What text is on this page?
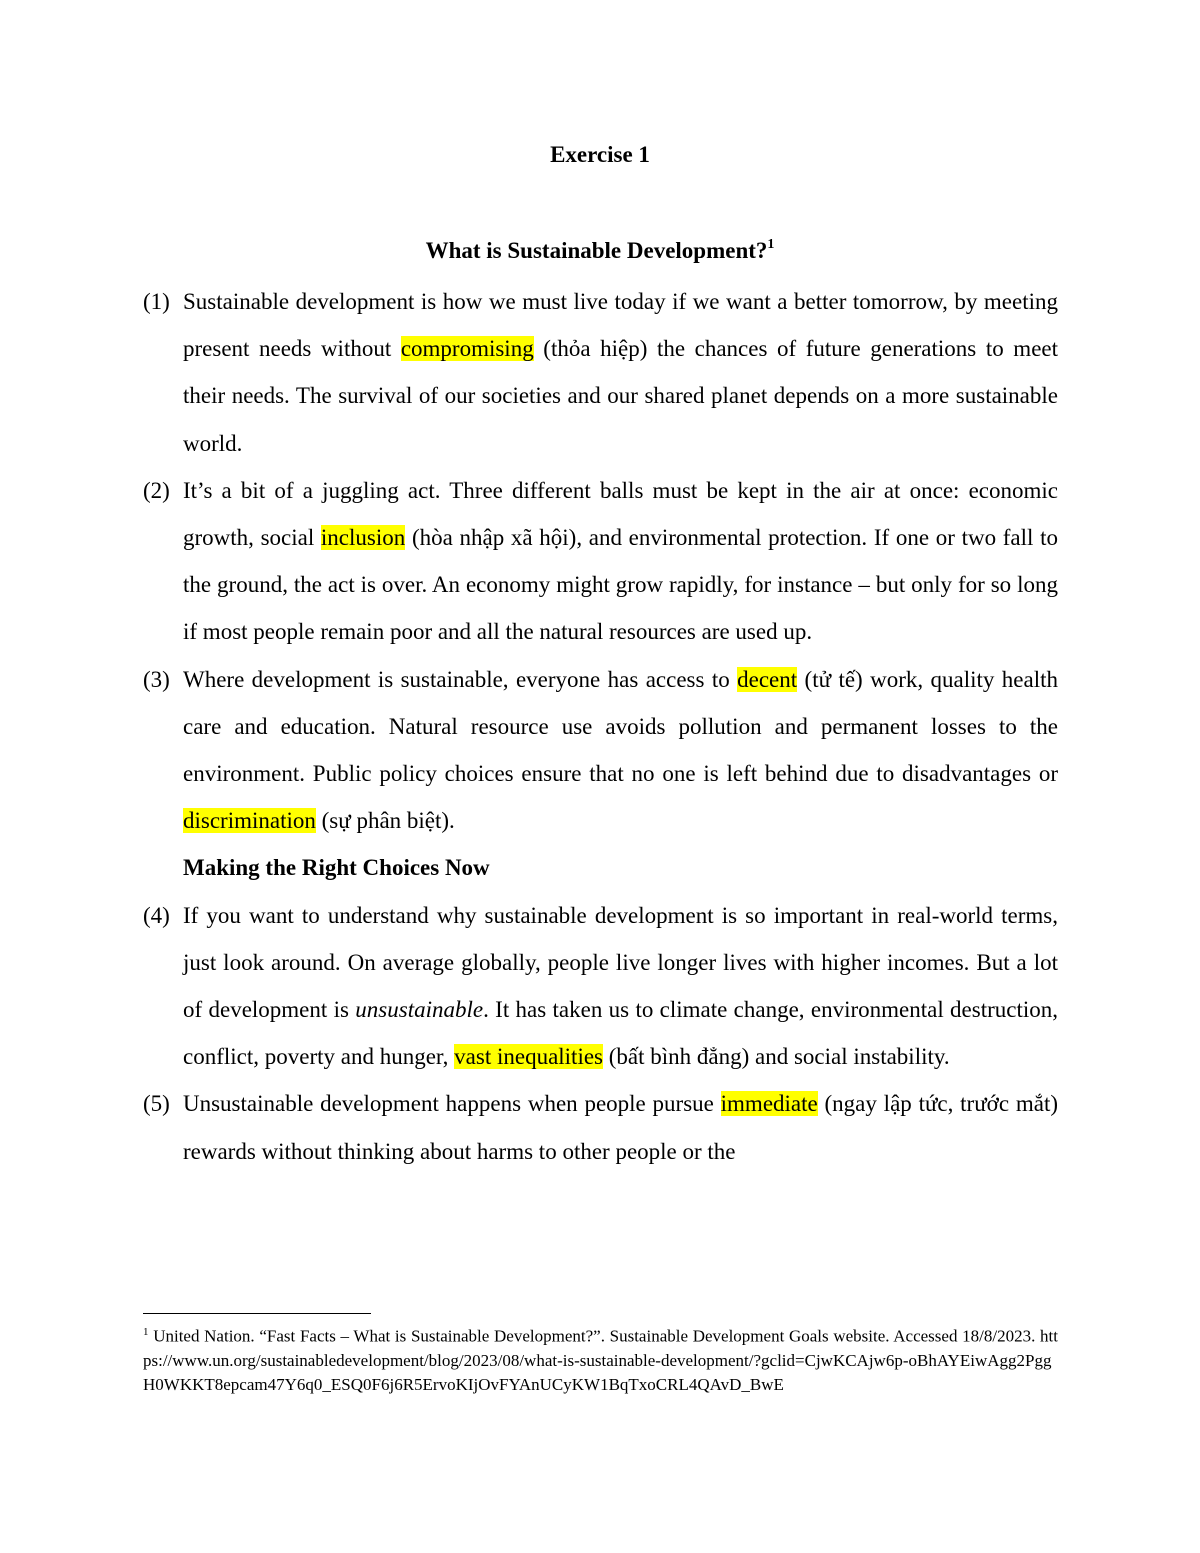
Exercise 1
What is Sustainable Development?$^1$
(1) Sustainable development is how we must live today if we want a better tomorrow, by meeting present needs without compromising (thỏa hiệp) the chances of future generations to meet their needs. The survival of our societies and our shared planet depends on a more sustainable world.
(2) It’s a bit of a juggling act. Three different balls must be kept in the air at once: economic growth, social inclusion (hòa nhập xã hội), and environmental protection. If one or two fall to the ground, the act is over. An economy might grow rapidly, for instance – but only for so long if most people remain poor and all the natural resources are used up.
(3) Where development is sustainable, everyone has access to decent (tử tế) work, quality health care and education. Natural resource use avoids pollution and permanent losses to the environment. Public policy choices ensure that no one is left behind due to disadvantages or discrimination (sự phân biệt).
Making the Right Choices Now
(4) If you want to understand why sustainable development is so important in real-world terms, just look around. On average globally, people live longer lives with higher incomes. But a lot of development is unsustainable. It has taken us to climate change, environmental destruction, conflict, poverty and hunger, vast inequalities (bất bình đẳng) and social instability.
(5) Unsustainable development happens when people pursue immediate (ngay lập tức, trước mắt) rewards without thinking about harms to other people or the
$^1$ United Nation. “Fast Facts – What is Sustainable Development?”. Sustainable Development Goals website. Accessed 18/8/2023. https://www.un.org/sustainabledevelopment/blog/2023/08/what-is-sustainable-development/?gclid=CjwKCAjw6p-oBhAYEiwAgg2PggH0WKKT8epcam47Y6q0_ESQ0F6j6R5ErvoKIjOvFYAnUCyKW1BqTxoCRL4QAvD_BwE
